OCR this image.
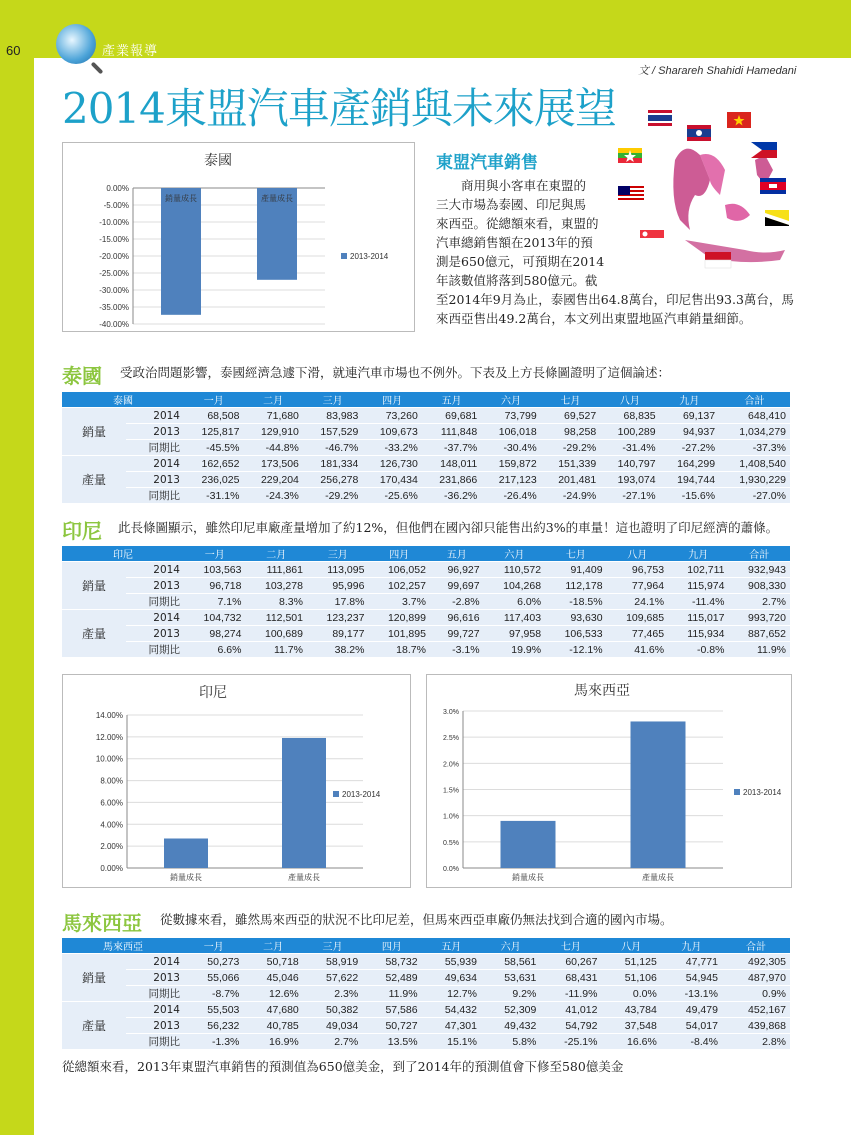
60	產業報導
文 / Sharareh Shahidi Hamedani
2014東盟汽車產銷與未來展望
泰國
0.00%
-5.00%
-10.00%
-15.00%
-20.00%
-25.00%
-30.00%
-35.00%
-40.00%
銷量成長	產量成長
2013-2014
東盟汽車銷售
　　商用與小客車在東盟的
三大市場為泰國、印尼與馬
來西亞。從總額來看，東盟的
汽車總銷售額在2013年的預
測是650億元，可預期在2014
年該數值將落到580億元。截
至2014年9月為止，泰國售出64.8萬台，印尼售出93.3萬台，馬
來西亞售出49.2萬台，本文列出東盟地區汽車銷量細節。
泰國 受政治問題影響，泰國經濟急遽下滑，就連汽車市場也不例外。下表及上方長條圖證明了這個論述：
泰國		一月	二月	三月	四月	五月	六月	七月	八月	九月	合計
銷量	2014	68,508	71,680	83,983	73,260	69,681	73,799	69,527	68,835	69,137	648,410
	2013	125,817	129,910	157,529	109,673	111,848	106,018	98,258	100,289	94,937	1,034,279
	同期比	-45.5%	-44.8%	-46.7%	-33.2%	-37.7%	-30.4%	-29.2%	-31.4%	-27.2%	-37.3%
產量	2014	162,652	173,506	181,334	126,730	148,011	159,872	151,339	140,797	164,299	1,408,540
	2013	236,025	229,204	256,278	170,434	231,866	217,123	201,481	193,074	194,744	1,930,229
	同期比	-31.1%	-24.3%	-29.2%	-25.6%	-36.2%	-26.4%	-24.9%	-27.1%	-15.6%	-27.0%
印尼 此長條圖顯示，雖然印尼車廠產量增加了約12%，但他們在國內卻只能售出約3%的車量！這也證明了印尼經濟的蕭條。
印尼		一月	二月	三月	四月	五月	六月	七月	八月	九月	合計
銷量	2014	103,563	111,861	113,095	106,052	96,927	110,572	91,409	96,753	102,711	932,943
	2013	96,718	103,278	95,996	102,257	99,697	104,268	112,178	77,964	115,974	908,330
	同期比	7.1%	8.3%	17.8%	3.7%	-2.8%	6.0%	-18.5%	24.1%	-11.4%	2.7%
產量	2014	104,732	112,501	123,237	120,899	96,616	117,403	93,630	109,685	115,017	993,720
	2013	98,274	100,689	89,177	101,895	99,727	97,958	106,533	77,465	115,934	887,652
	同期比	6.6%	11.7%	38.2%	18.7%	-3.1%	19.9%	-12.1%	41.6%	-0.8%	11.9%
印尼
14.00%
12.00%
10.00%
8.00%
6.00%
4.00%
2.00%
0.00%
銷量成長	產量成長
2013-2014
馬來西亞
3.0%
2.5%
2.0%
1.5%
1.0%
0.5%
0.0%
銷量成長	產量成長
2013-2014
馬來西亞 從數據來看，雖然馬來西亞的狀況不比印尼差，但馬來西亞車廠仍無法找到合適的國內市場。
馬來西亞		一月	二月	三月	四月	五月	六月	七月	八月	九月	合計
銷量	2014	50,273	50,718	58,919	58,732	55,939	58,561	60,267	51,125	47,771	492,305
	2013	55,066	45,046	57,622	52,489	49,634	53,631	68,431	51,106	54,945	487,970
	同期比	-8.7%	12.6%	2.3%	11.9%	12.7%	9.2%	-11.9%	0.0%	-13.1%	0.9%
產量	2014	55,503	47,680	50,382	57,586	54,432	52,309	41,012	43,784	49,479	452,167
	2013	56,232	40,785	49,034	50,727	47,301	49,432	54,792	37,548	54,017	439,868
	同期比	-1.3%	16.9%	2.7%	13.5%	15.1%	5.8%	-25.1%	16.6%	-8.4%	2.8%
從總額來看，2013年東盟汽車銷售的預測值為650億美金，到了2014年的預測值會下修至580億美金
